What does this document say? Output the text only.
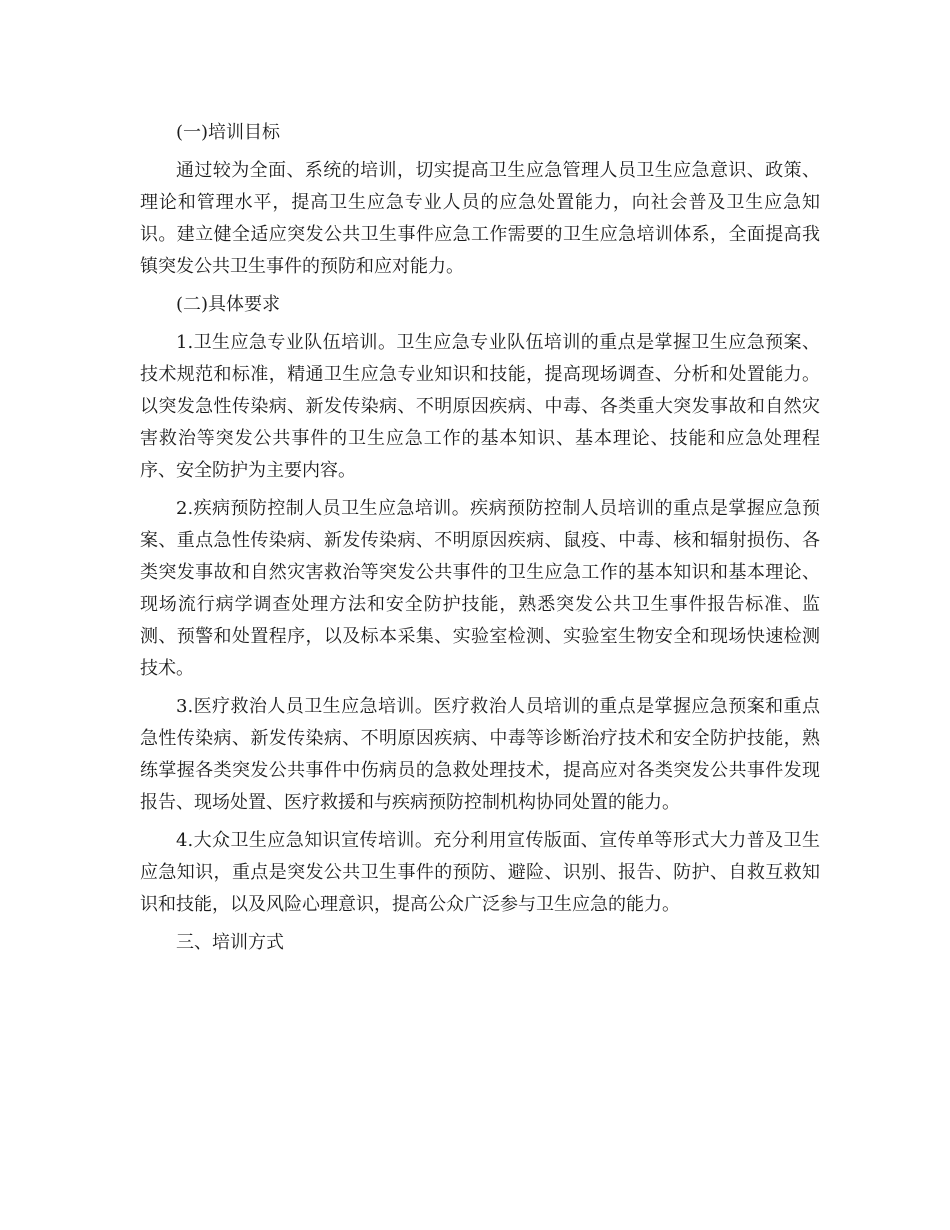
(一)培训目标

通过较为全面、系统的培训，切实提高卫生应急管理人员卫生应急意识、政策、理论和管理水平，提高卫生应急专业人员的应急处置能力，向社会普及卫生应急知识。建立健全适应突发公共卫生事件应急工作需要的卫生应急培训体系，全面提高我镇突发公共卫生事件的预防和应对能力。

(二)具体要求

1.卫生应急专业队伍培训。卫生应急专业队伍培训的重点是掌握卫生应急预案、技术规范和标准，精通卫生应急专业知识和技能，提高现场调查、分析和处置能力。以突发急性传染病、新发传染病、不明原因疾病、中毒、各类重大突发事故和自然灾害救治等突发公共事件的卫生应急工作的基本知识、基本理论、技能和应急处理程序、安全防护为主要内容。

2.疾病预防控制人员卫生应急培训。疾病预防控制人员培训的重点是掌握应急预案、重点急性传染病、新发传染病、不明原因疾病、鼠疫、中毒、核和辐射损伤、各类突发事故和自然灾害救治等突发公共事件的卫生应急工作的基本知识和基本理论、现场流行病学调查处理方法和安全防护技能，熟悉突发公共卫生事件报告标准、监测、预警和处置程序，以及标本采集、实验室检测、实验室生物安全和现场快速检测技术。

3.医疗救治人员卫生应急培训。医疗救治人员培训的重点是掌握应急预案和重点急性传染病、新发传染病、不明原因疾病、中毒等诊断治疗技术和安全防护技能，熟练掌握各类突发公共事件中伤病员的急救处理技术，提高应对各类突发公共事件发现报告、现场处置、医疗救援和与疾病预防控制机构协同处置的能力。

4.大众卫生应急知识宣传培训。充分利用宣传版面、宣传单等形式大力普及卫生应急知识，重点是突发公共卫生事件的预防、避险、识别、报告、防护、自救互救知识和技能，以及风险心理意识，提高公众广泛参与卫生应急的能力。

三、培训方式
